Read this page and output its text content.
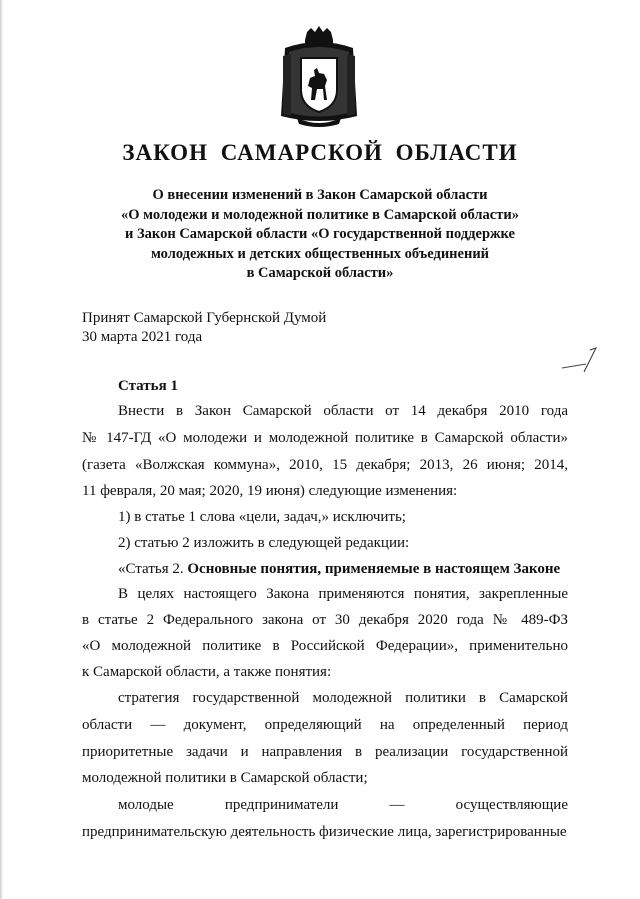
ЗАКОН САМАРСКОЙ ОБЛАСТИ
О внесении изменений в Закон Самарской области
«О молодежи и молодежной политике в Самарской области»
и Закон Самарской области «О государственной поддержке
молодежных и детских общественных объединений
в Самарской области»
Принят Самарской Губернской Думой
30 марта 2021 года
Статья 1
Внести в Закон Самарской области от 14 декабря 2010 года
№ 147-ГД «О молодежи и молодежной политике в Самарской области»
(газета «Волжская коммуна», 2010, 15 декабря; 2013, 26 июня; 2014,
11 февраля, 20 мая; 2020, 19 июня) следующие изменения:
1) в статье 1 слова «цели, задач,» исключить;
2) статью 2 изложить в следующей редакции:
«Статья 2. Основные понятия, применяемые в настоящем Законе
В целях настоящего Закона применяются понятия, закрепленные
в статье 2 Федерального закона от 30 декабря 2020 года № 489-ФЗ
«О молодежной политике в Российской Федерации», применительно
к Самарской области, а также понятия:
стратегия государственной молодежной политики в Самарской
области — документ, определяющий на определенный период
приоритетные задачи и направления в реализации государственной
молодежной политики в Самарской области;
молодые предприниматели — осуществляющие
предпринимательскую деятельность физические лица, зарегистрированные
